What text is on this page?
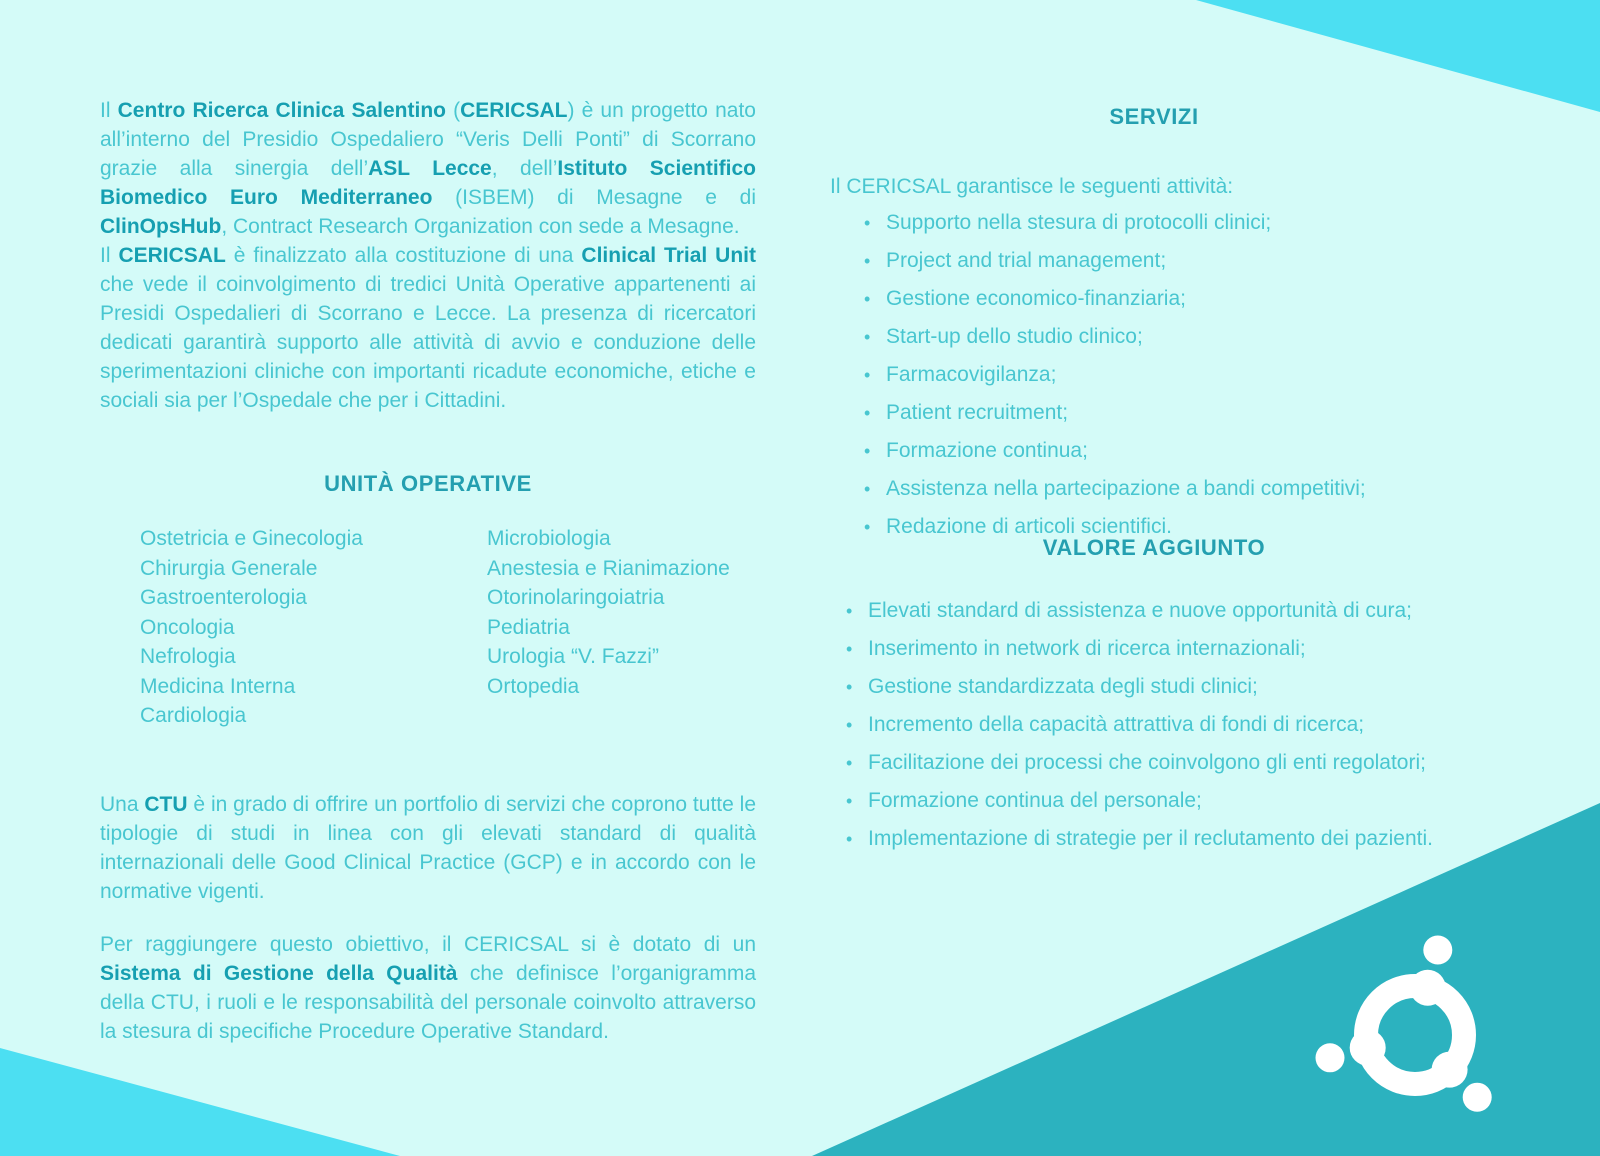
Il Centro Ricerca Clinica Salentino (CERICSAL) è un progetto nato all’interno del Presidio Ospedaliero “Veris Delli Ponti” di Scorrano grazie alla sinergia dell’ASL Lecce, dell’Istituto Scientifico Biomedico Euro Mediterraneo (ISBEM) di Mesagne e di ClinOpsHub, Contract Research Organization con sede a Mesagne.

Il CERICSAL è finalizzato alla costituzione di una Clinical Trial Unit che vede il coinvolgimento di tredici Unità Operative appartenenti ai Presidi Ospedalieri di Scorrano e Lecce. La presenza di ricercatori dedicati garantirà supporto alle attività di avvio e conduzione delle sperimentazioni cliniche con importanti ricadute economiche, etiche e sociali sia per l’Ospedale che per i Cittadini.

UNITÀ OPERATIVE
Ostetricia e Ginecologia
Chirurgia Generale
Gastroenterologia
Oncologia
Nefrologia
Medicina Interna
Cardiologia
Microbiologia
Anestesia e Rianimazione
Otorinolaringoiatria
Pediatria
Urologia “V. Fazzi”
Ortopedia

Una CTU è in grado di offrire un portfolio di servizi che coprono tutte le tipologie di studi in linea con gli elevati standard di qualità internazionali delle Good Clinical Practice (GCP) e in accordo con le normative vigenti.

Per raggiungere questo obiettivo, il CERICSAL si è dotato di un Sistema di Gestione della Qualità che definisce l’organigramma della CTU, i ruoli e le responsabilità del personale coinvolto attraverso la stesura di specifiche Procedure Operative Standard.

SERVIZI
Il CERICSAL garantisce le seguenti attività:
• Supporto nella stesura di protocolli clinici;
• Project and trial management;
• Gestione economico-finanziaria;
• Start-up dello studio clinico;
• Farmacovigilanza;
• Patient recruitment;
• Formazione continua;
• Assistenza nella partecipazione a bandi competitivi;
• Redazione di articoli scientifici.
VALORE AGGIUNTO
• Elevati standard di assistenza e nuove opportunità di cura;
• Inserimento in network di ricerca internazionali;
• Gestione standardizzata degli studi clinici;
• Incremento della capacità attrattiva di fondi di ricerca;
• Facilitazione dei processi che coinvolgono gli enti regolatori;
• Formazione continua del personale;
• Implementazione di strategie per il reclutamento dei pazienti.
